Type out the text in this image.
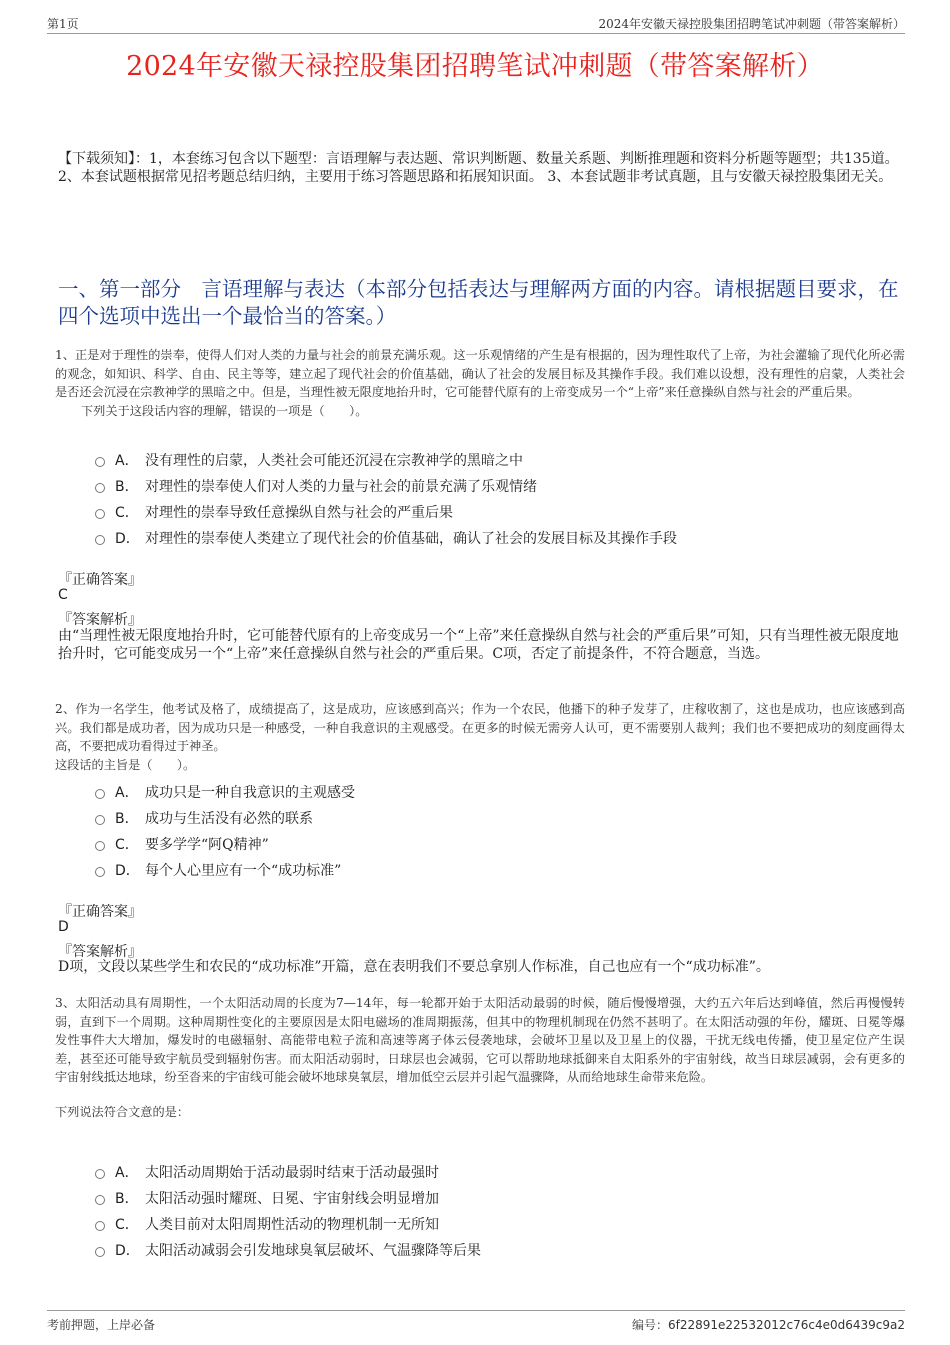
第1页	2024年安徽天禄控股集团招聘笔试冲刺题（带答案解析）
2024年安徽天禄控股集团招聘笔试冲刺题（带答案解析）
【下载须知】：1，本套练习包含以下题型：言语理解与表达题、常识判断题、数量关系题、判断推理题和资料分析题等题型；共135道。 2、本套试题根据常见招考题总结归纳，主要用于练习答题思路和拓展知识面。 3、本套试题非考试真题，且与安徽天禄控股集团无关。
一、第一部分　言语理解与表达（本部分包括表达与理解两方面的内容。请根据题目要求，在四个选项中选出一个最恰当的答案。）
1、正是对于理性的崇奉，使得人们对人类的力量与社会的前景充满乐观。这一乐观情绪的产生是有根据的，因为理性取代了上帝，为社会灌输了现代化所必需的观念，如知识、科学、自由、民主等等，建立起了现代社会的价值基础，确认了社会的发展目标及其操作手段。我们难以设想，没有理性的启蒙，人类社会是否还会沉浸在宗教神学的黑暗之中。但是，当理性被无限度地抬升时，它可能替代原有的上帝变成另一个“上帝”来任意操纵自然与社会的严重后果。
下列关于这段话内容的理解，错误的一项是（　　）。
A． 没有理性的启蒙，人类社会可能还沉浸在宗教神学的黑暗之中
B． 对理性的崇奉使人们对人类的力量与社会的前景充满了乐观情绪
C． 对理性的崇奉导致任意操纵自然与社会的严重后果
D． 对理性的崇奉使人类建立了现代社会的价值基础，确认了社会的发展目标及其操作手段
『正确答案』
C
『答案解析』
由“当理性被无限度地抬升时，它可能替代原有的上帝变成另一个“上帝”来任意操纵自然与社会的严重后果”可知，只有当理性被无限度地抬升时，它可能变成另一个“上帝”来任意操纵自然与社会的严重后果。C项，否定了前提条件，不符合题意，当选。
2、作为一名学生，他考试及格了，成绩提高了，这是成功，应该感到高兴；作为一个农民，他播下的种子发芽了，庄稼收割了，这也是成功，也应该感到高兴。我们都是成功者，因为成功只是一种感受，一种自我意识的主观感受。在更多的时候无需旁人认可，更不需要别人裁判；我们也不要把成功的刻度画得太高，不要把成功看得过于神圣。
这段话的主旨是（　　）。
A． 成功只是一种自我意识的主观感受
B． 成功与生活没有必然的联系
C． 要多学学“阿Q精神”
D． 每个人心里应有一个“成功标准”
『正确答案』
D
『答案解析』
D项，文段以某些学生和农民的“成功标准”开篇，意在表明我们不要总拿别人作标准，自己也应有一个“成功标准”。
3、太阳活动具有周期性，一个太阳活动周的长度为7—14年，每一轮都开始于太阳活动最弱的时候，随后慢慢增强，大约五六年后达到峰值，然后再慢慢转弱，直到下一个周期。这种周期性变化的主要原因是太阳电磁场的准周期振荡，但其中的物理机制现在仍然不甚明了。在太阳活动强的年份，耀斑、日冕等爆发性事件大大增加，爆发时的电磁辐射、高能带电粒子流和高速等离子体云侵袭地球，会破坏卫星以及卫星上的仪器，干扰无线电传播，使卫星定位产生误差，甚至还可能导致宇航员受到辐射伤害。而太阳活动弱时，日球层也会减弱，它可以帮助地球抵御来自太阳系外的宇宙射线，故当日球层减弱，会有更多的宇宙射线抵达地球，纷至沓来的宇宙线可能会破坏地球臭氧层，增加低空云层并引起气温骤降，从而给地球生命带来危险。
下列说法符合文意的是：
A． 太阳活动周期始于活动最弱时结束于活动最强时
B． 太阳活动强时耀斑、日冕、宇宙射线会明显增加
C． 人类目前对太阳周期性活动的物理机制一无所知
D． 太阳活动减弱会引发地球臭氧层破坏、气温骤降等后果
考前押题，上岸必备	编号：6f22891e22532012c76c4e0d6439c9a2
